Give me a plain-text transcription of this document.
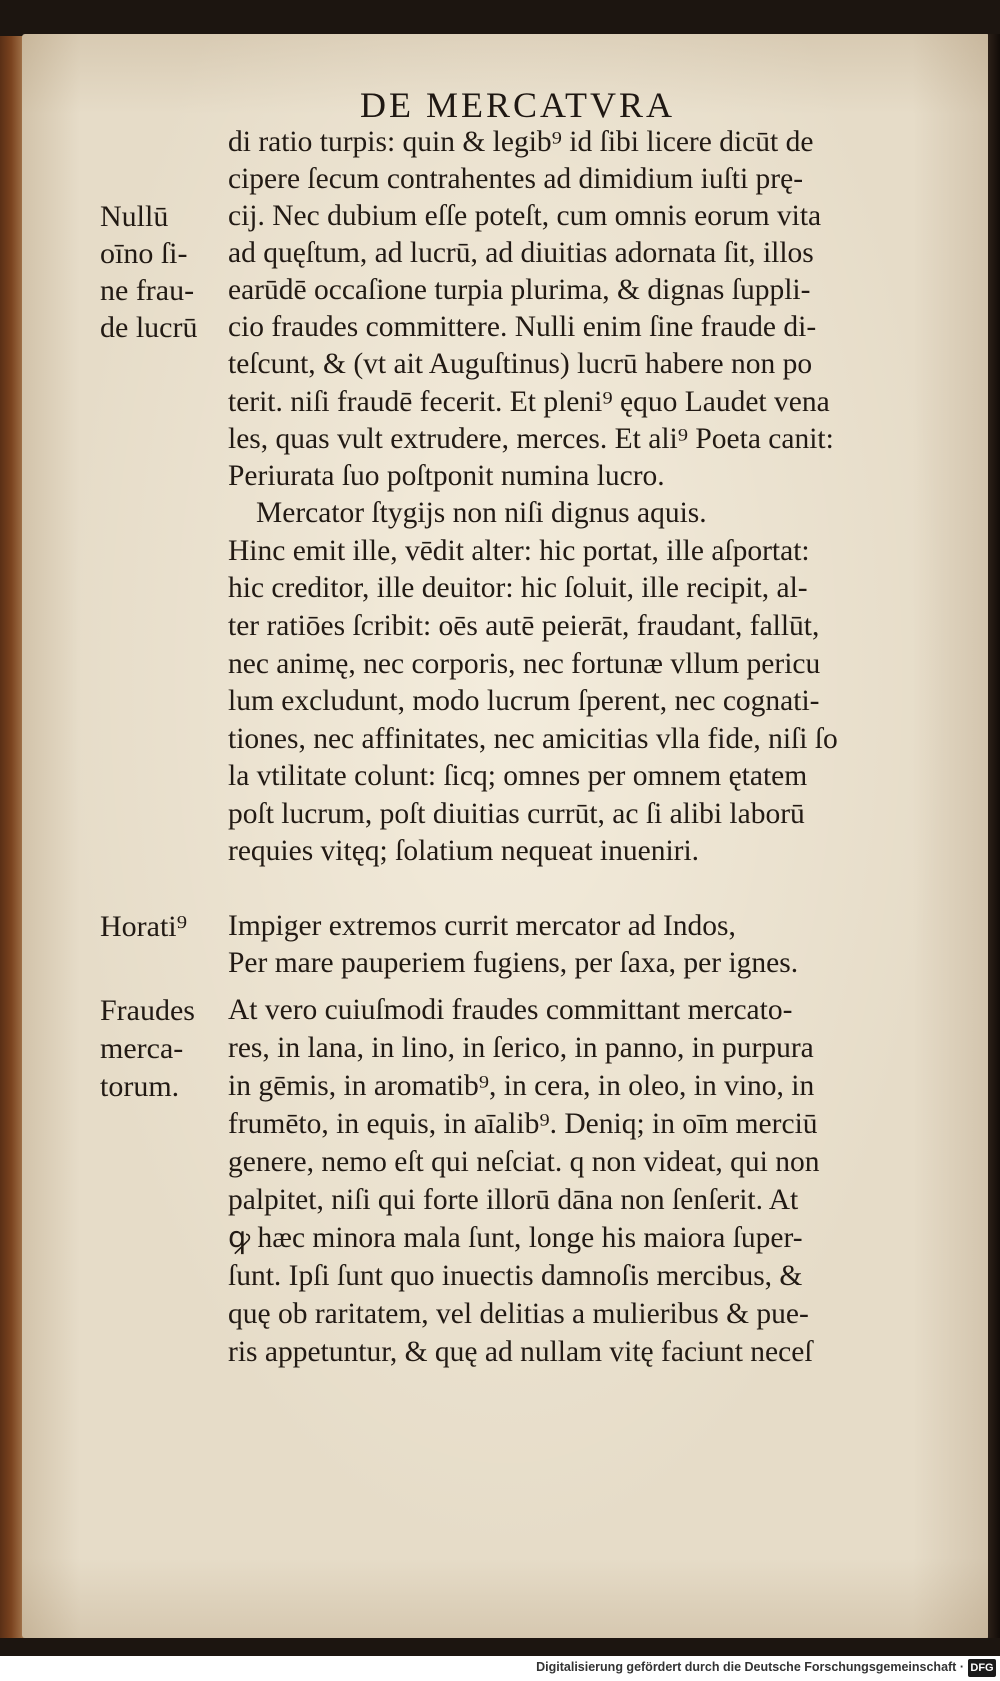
DE MERCATVRA

Nullū

oīno ſi-

ne frau-

de lucrū

Horati⁹

Fraudes

merca-

torum.

di ratio turpis: quin & legib⁹ id ſibi licere dicūt de

cipere ſecum contrahentes ad dimidium iuſti prę-

cij. Nec dubium eſſe poteſt, cum omnis eorum vita

ad quęſtum, ad lucrū, ad diuitias adornata ſit, illos

earūdē occaſione turpia plurima, & dignas ſuppli-

cio fraudes committere. Nulli enim ſine fraude di-

teſcunt, & (vt ait Auguſtinus) lucrū habere non po

terit. niſi fraudē fecerit. Et pleni⁹ ęquo Laudet vena

les, quas vult extrudere, merces. Et ali⁹ Poeta canit:

Periurata ſuo poſtponit numina lucro.

Mercator ſtygijs non niſi dignus aquis.

Hinc emit ille, vēdit alter: hic portat, ille aſportat:

hic creditor, ille deuitor: hic ſoluit, ille recipit, al-

ter ratiōes ſcribit: oēs autē peierāt, fraudant, fallūt,

nec animę, nec corporis, nec fortunæ vllum pericu

lum excludunt, modo lucrum ſperent, nec cognati-

tiones, nec affinitates, nec amicitias vlla fide, niſi ſo

la vtilitate colunt: ſicq; omnes per omnem ętatem

poſt lucrum, poſt diuitias currūt, ac ſi alibi laborū

requies vitęq; ſolatium nequeat inueniri.

Impiger extremos currit mercator ad Indos,

Per mare pauperiem fugiens, per ſaxa, per ignes.

At vero cuiuſmodi fraudes committant mercato-

res, in lana, in lino, in ſerico, in panno, in purpura

in gēmis, in aromatib⁹, in cera, in oleo, in vino, in

frumēto, in equis, in aīalib⁹. Deniq; in oīm merciū

genere, nemo eſt qui neſciat. q non videat, qui non

palpitet, niſi qui forte illorū dāna non ſenſerit. At

ꝙ hæc minora mala ſunt, longe his maiora ſuper-

ſunt. Ipſi ſunt quo inuectis damnoſis mercibus, &

quę ob raritatem, vel delitias a mulieribus & pue-

ris appetuntur, & quę ad nullam vitę faciunt neceſ

Digitalisierung gefördert durch die Deutsche Forschungsgemeinschaft · DFG
